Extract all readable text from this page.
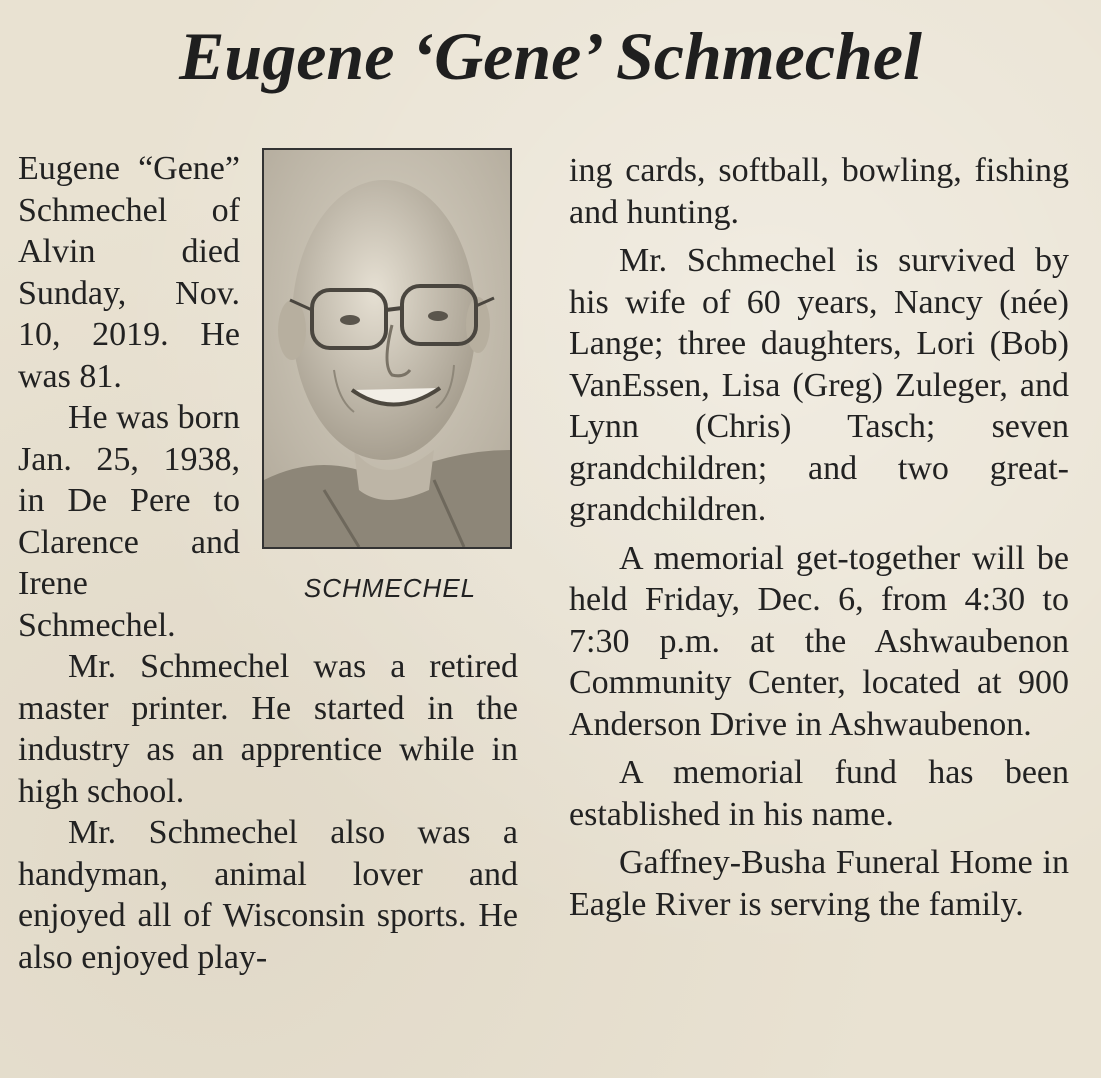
Eugene ‘Gene’ Schmechel
SCHMECHEL

Eugene “Gene” Schmechel of Alvin died Sunday, Nov. 10, 2019. He was 81.

He was born Jan. 25, 1938, in De Pere to Clarence and Irene Schmechel.

Mr. Schmechel was a retired master printer. He started in the industry as an apprentice while in high school.

Mr. Schmechel also was a handyman, animal lover and enjoyed all of Wisconsin sports. He also enjoyed play-

ing cards, softball, bowling, fishing and hunting.

Mr. Schmechel is survived by his wife of 60 years, Nancy (née) Lange; three daughters, Lori (Bob) VanEssen, Lisa (Greg) Zuleger, and Lynn (Chris) Tasch; seven grandchildren; and two great-grandchildren.

A memorial get-together will be held Friday, Dec. 6, from 4:30 to 7:30 p.m. at the Ashwaubenon Community Center, located at 900 Anderson Drive in Ashwaubenon.

A memorial fund has been established in his name.

Gaffney-Busha Funeral Home in Eagle River is serving the family.
